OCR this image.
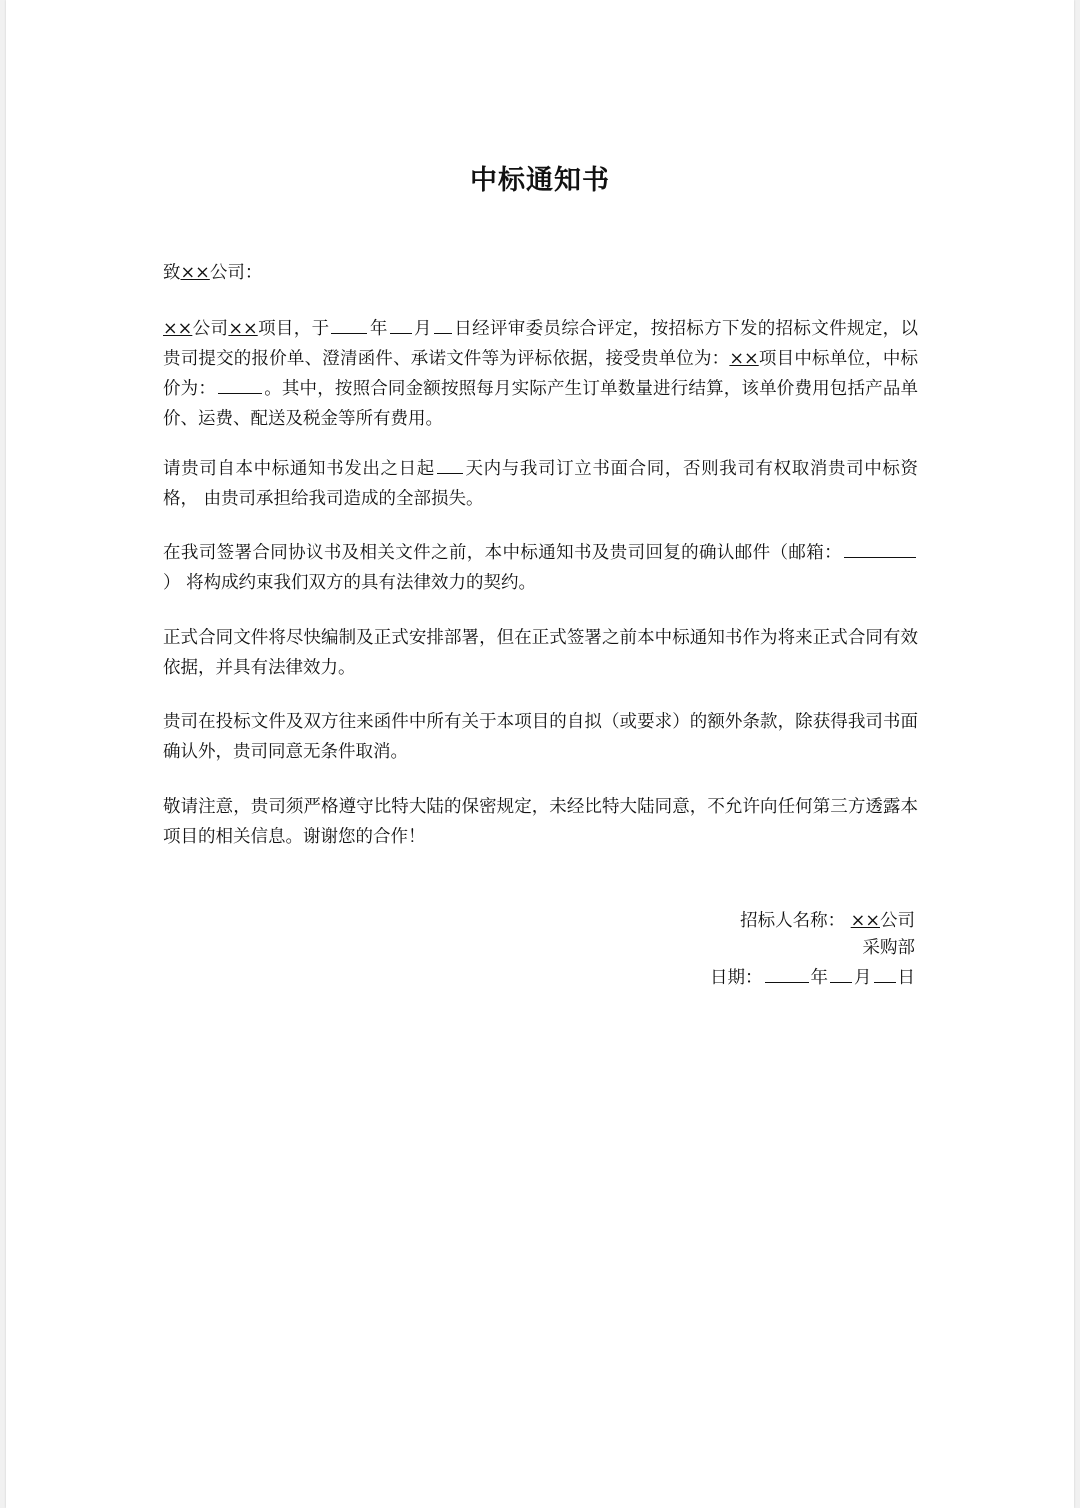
中标通知书
致××公司：

××公司××项目，于 年 月 日经评审委员综合评定，按招标方下发的招标文件规定，以贵司提交的报价单、澄清函件、承诺文件等为评标依据，接受贵单位为：××项目中标单位，中标价为：	。其中，按照合同金额按照每月实际产生订单数量进行结算，该单价费用包括产品单价、运费、配送及税金等所有费用。

请贵司自本中标通知书发出之日起 天内与我司订立书面合同，否则我司有权取消贵司中标资格， 由贵司承担给我司造成的全部损失。

在我司签署合同协议书及相关文件之前，本中标通知书及贵司回复的确认邮件（邮箱：） 将构成约束我们双方的具有法律效力的契约。

正式合同文件将尽快编制及正式安排部署，但在正式签署之前本中标通知书作为将来正式合同有效依据，并具有法律效力。

贵司在投标文件及双方往来函件中所有关于本项目的自拟（或要求）的额外条款，除获得我司书面确认外，贵司同意无条件取消。

敬请注意，贵司须严格遵守比特大陆的保密规定，未经比特大陆同意，不允许向任何第三方透露本项目的相关信息。谢谢您的合作！

招标人名称： ××公司
采购部
日期：	年 月 日
